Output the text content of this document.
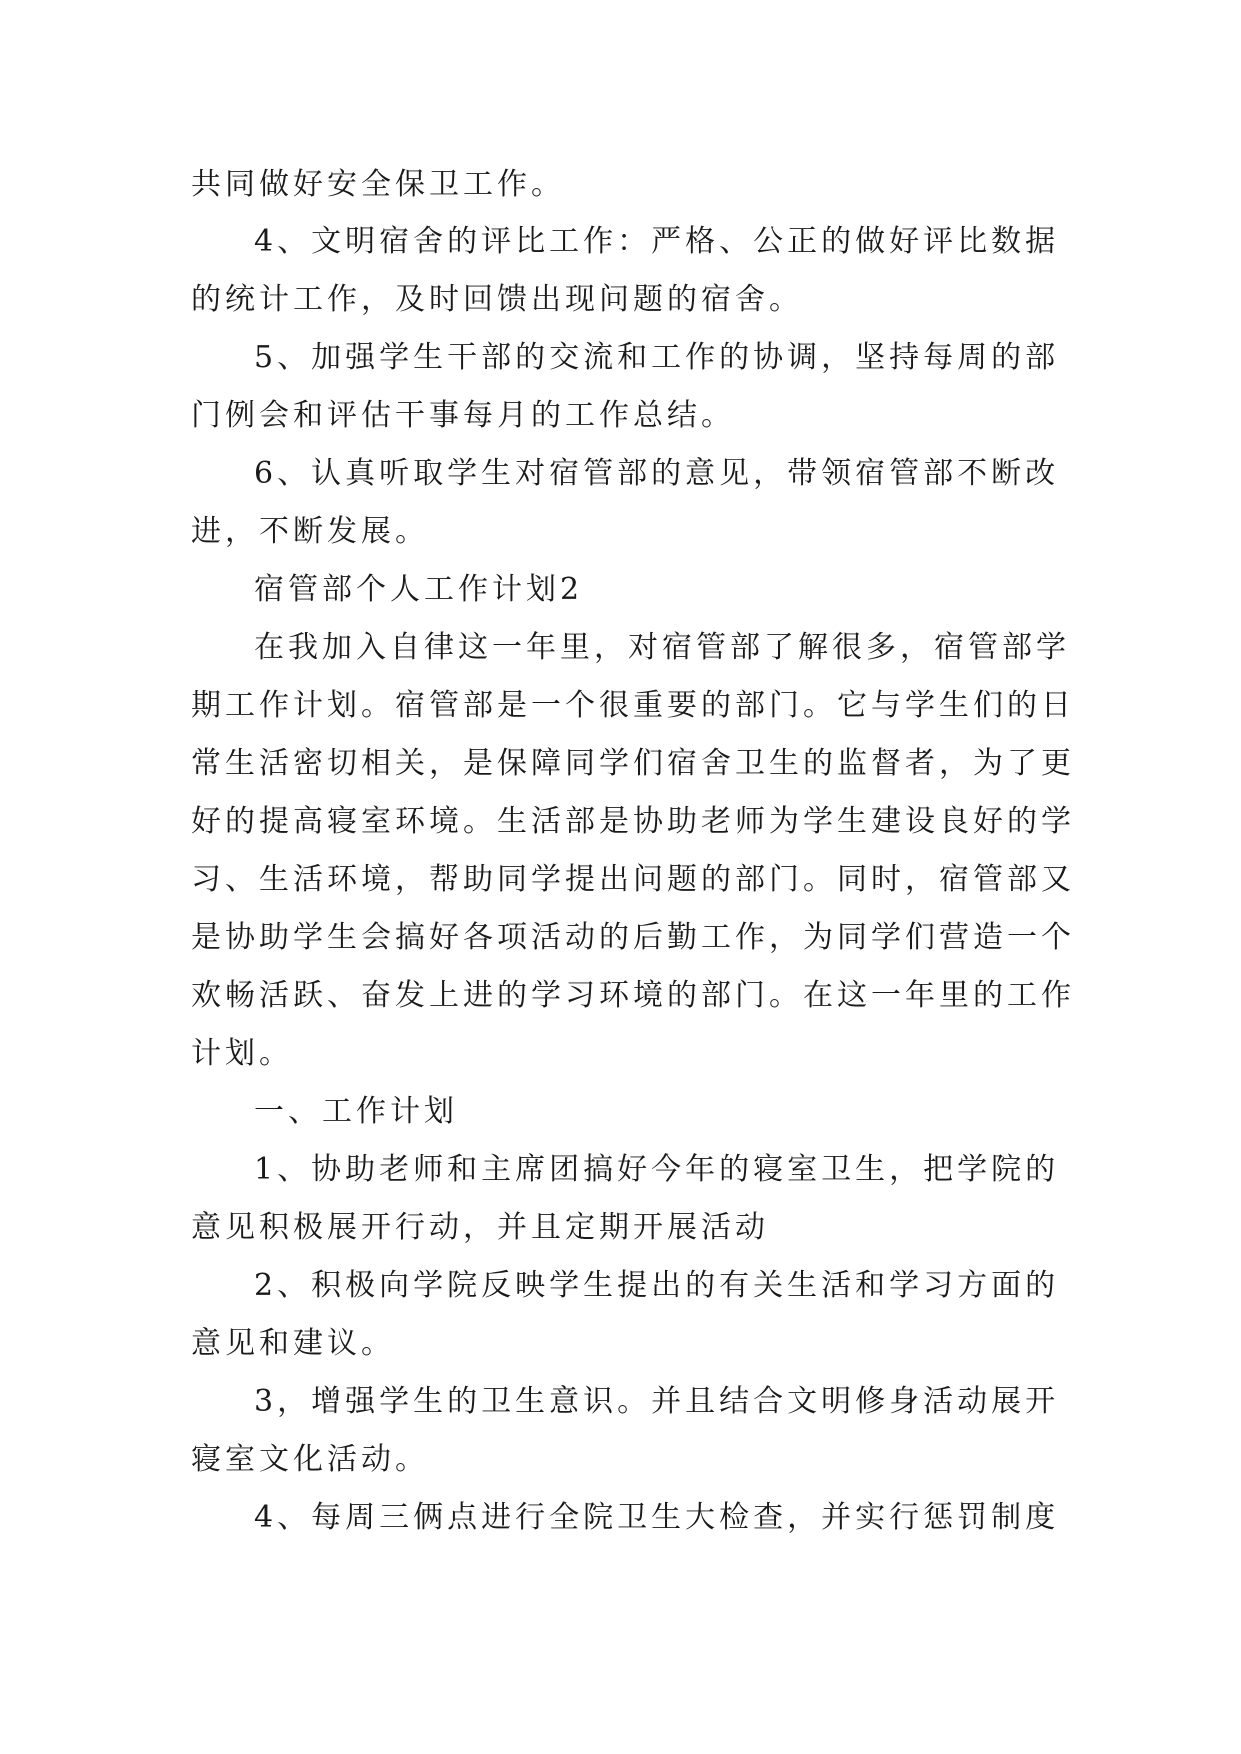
共同做好安全保卫工作。
4、文明宿舍的评比工作：严格、公正的做好评比数据
的统计工作，及时回馈出现问题的宿舍。
5、加强学生干部的交流和工作的协调，坚持每周的部
门例会和评估干事每月的工作总结。
6、认真听取学生对宿管部的意见，带领宿管部不断改
进，不断发展。
宿管部个人工作计划2
在我加入自律这一年里，对宿管部了解很多，宿管部学
期工作计划。宿管部是一个很重要的部门。它与学生们的日
常生活密切相关，是保障同学们宿舍卫生的监督者，为了更
好的提高寝室环境。生活部是协助老师为学生建设良好的学
习、生活环境，帮助同学提出问题的部门。同时，宿管部又
是协助学生会搞好各项活动的后勤工作，为同学们营造一个
欢畅活跃、奋发上进的学习环境的部门。在这一年里的工作
计划。
一、工作计划
1、协助老师和主席团搞好今年的寝室卫生，把学院的
意见积极展开行动，并且定期开展活动
2、积极向学院反映学生提出的有关生活和学习方面的
意见和建议。
3，增强学生的卫生意识。并且结合文明修身活动展开
寝室文化活动。
4、每周三俩点进行全院卫生大检查，并实行惩罚制度
